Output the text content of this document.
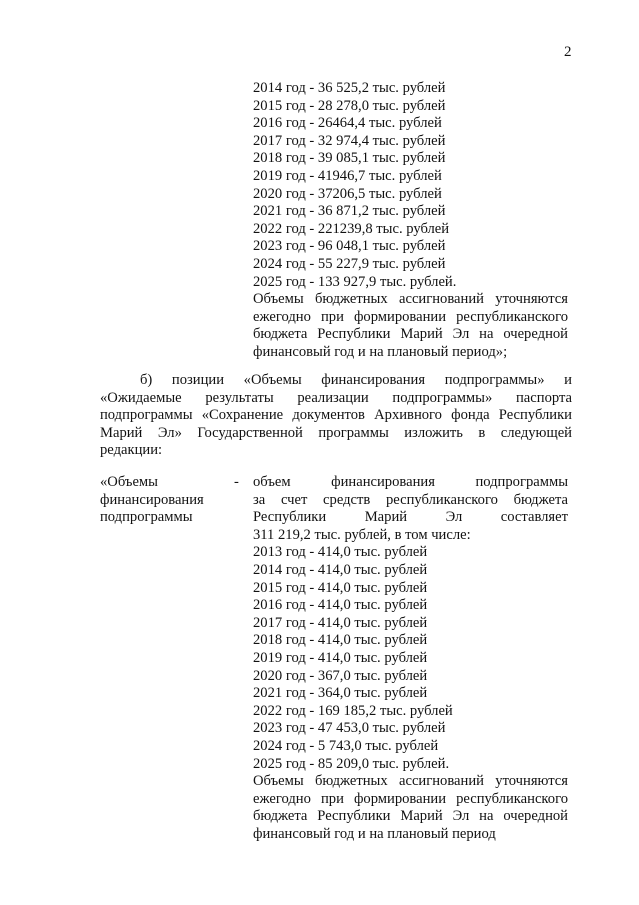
2
2014 год - 36 525,2 тыс. рублей
2015 год - 28 278,0 тыс. рублей
2016 год - 26464,4 тыс. рублей
2017 год - 32 974,4 тыс. рублей
2018 год - 39 085,1 тыс. рублей
2019 год - 41946,7 тыс. рублей
2020 год - 37206,5 тыс. рублей
2021 год - 36 871,2 тыс. рублей
2022 год - 221239,8 тыс. рублей
2023 год - 96 048,1 тыс. рублей
2024 год - 55 227,9 тыс. рублей
2025 год - 133 927,9 тыс. рублей.
Объемы бюджетных ассигнований уточняются
ежегодно при формировании республиканского
бюджета Республики Марий Эл на очередной
финансовый год и на плановый период»;
б) позиции «Объемы финансирования подпрограммы» и
«Ожидаемые результаты реализации подпрограммы» паспорта
подпрограммы «Сохранение документов Архивного фонда Республики
Марий Эл» Государственной программы изложить в следующей
редакции:
«Объемы
финансирования
подпрограммы
- объем финансирования подпрограммы
за счет средств республиканского бюджета
Республики Марий Эл составляет
311 219,2 тыс. рублей, в том числе:
2013 год - 414,0 тыс. рублей
2014 год - 414,0 тыс. рублей
2015 год - 414,0 тыс. рублей
2016 год - 414,0 тыс. рублей
2017 год - 414,0 тыс. рублей
2018 год - 414,0 тыс. рублей
2019 год - 414,0 тыс. рублей
2020 год - 367,0 тыс. рублей
2021 год - 364,0 тыс. рублей
2022 год - 169 185,2 тыс. рублей
2023 год - 47 453,0 тыс. рублей
2024 год - 5 743,0 тыс. рублей
2025 год - 85 209,0 тыс. рублей.
Объемы бюджетных ассигнований уточняются
ежегодно при формировании республиканского
бюджета Республики Марий Эл на очередной
финансовый год и на плановый период
